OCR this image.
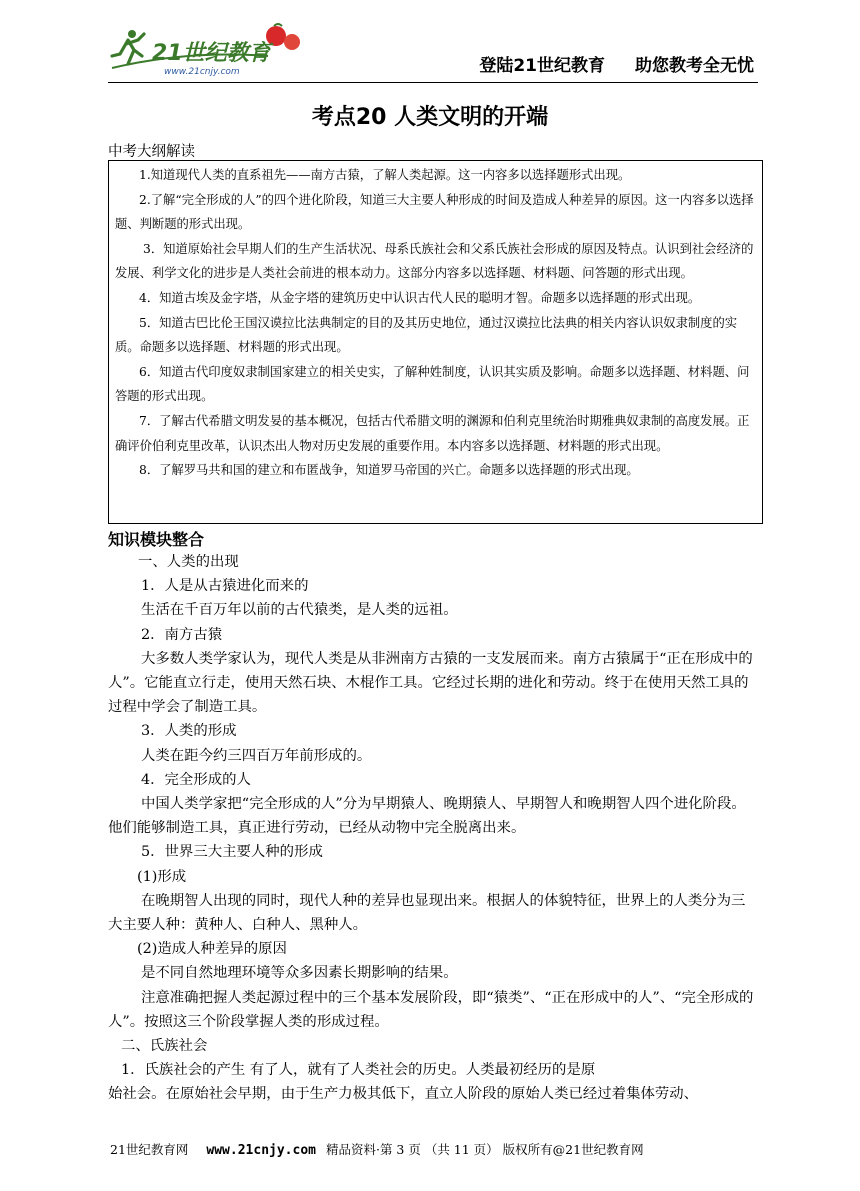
21世纪教育
www.21cnjy.com	登陆21世纪教育 助您教考全无忧
考点20 人类文明的开端
中考大纲解读

1.知道现代人类的直系祖先——南方古猿，了解人类起源。这一内容多以选择题形式出现。

2.了解“完全形成的人”的四个进化阶段，知道三大主要人种形成的时间及造成人种差异的原因。这一内容多以选择题、判断题的形式出现。

3．知道原始社会早期人们的生产生活状况、母系氏族社会和父系氏族社会形成的原因及特点。认识到社会经济的发展、利学文化的进步是人类社会前进的根本动力。这部分内容多以选择题、材料题、问答题的形式出现。

4．知道古埃及金字塔，从金字塔的建筑历史中认识古代人民的聪明才智。命题多以选择题的形式出现。

5．知道古巴比伦王国汉谟拉比法典制定的目的及其历史地位，通过汉谟拉比法典的相关内容认识奴隶制度的实质。命题多以选择题、材料题的形式出现。

6．知道古代印度奴隶制国家建立的相关史实，了解种姓制度，认识其实质及影响。命题多以选择题、材料题、问答题的形式出现。

7．了解古代希腊文明发妟的基本概况，包括古代希腊文明的渊源和伯利克里统治时期雅典奴隶制的高度发展。正确评价伯利克里改革，认识杰出人物对历史发展的重要作用。本内容多以选择题、材料题的形式出现。

8．了解罗马共和国的建立和布匿战争，知道罗马帝国的兴亡。命题多以选择题的形式出现。

知识模块整合

一、人类的出现

1．人是从古猿进化而来的

生活在千百万年以前的古代猿类，是人类的远祖。

2．南方古猿

大多数人类学家认为，现代人类是从非洲南方古猿的一支发展而来。南方古猿属于“正在形成中的人”。它能直立行走，使用天然石块、木棍作工具。它经过长期的进化和劳动。终于在使用天然工具的过程中学会了制造工具。

3．人类的形成

人类在距今约三四百万年前形成的。

4．完全形成的人

中国人类学家把“完全形成的人”分为早期猿人、晚期猿人、早期智人和晚期智人四个进化阶段。他们能够制造工具，真正进行劳动，已经从动物中完全脱离出来。

5．世界三大主要人种的形成

(1)形成

在晚期智人出现的同时，现代人种的差异也显现出来。根据人的体貌特征，世界上的人类分为三大主要人种：黄种人、白种人、黑种人。

(2)造成人种差异的原因

是不同自然地理环境等众多因素长期影响的结果。

注意准确把握人类起源过程中的三个基本发展阶段，即“猿类”、“正在形成中的人”、“完全形成的人”。按照这三个阶段掌握人类的形成过程。

二、氏族社会

1．氏族社会的产生 有了人，就有了人类社会的历史。人类最初经历的是原

始社会。在原始社会早期，由于生产力极其低下，直立人阶段的原始人类已经过着集体劳动、

21世纪教育网 www.21cnjy.com 精品资料·第 3 页 （共 11 页） 版权所有@21世纪教育网
